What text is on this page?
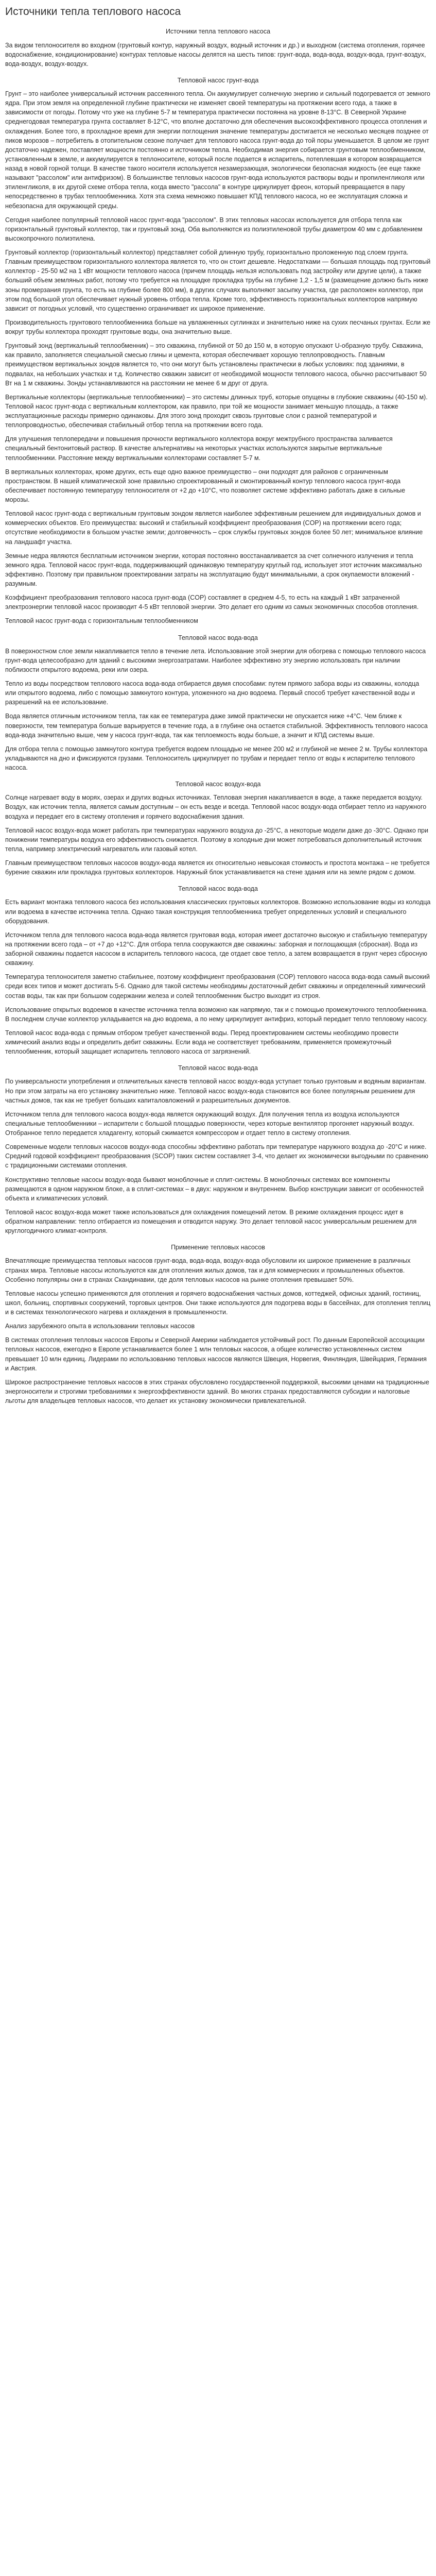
Источники тепла теплового насоса
Источники тепла теплового насоса

За видом теплоносителя во входном (грунтовый контур, наружный воздух, водный источник и др.) и выходном (система отопления, горячее водоснабжение, кондиционирование) контурах тепловые насосы делятся на шесть типов: грунт-вода, вода-вода, воздух-вода, грунт-воздух, вода-воздух, воздух-воздух.

Тепловой насос грунт-вода

Грунт – это наиболее универсальный источник рассеянного тепла. Он аккумулирует солнечную энергию и сильный подогревается от земного ядра. При этом земля на определенной глубине практически не изменяет своей температуры на протяжении всего года, а также в зависимости от погоды. Потому что уже на глубине 5-7 м температура практически постоянна на уровне 8-13°С. В Северной Украине среднегодовая температура грунта составляет 8-12°С, что вполне достаточно для обеспечения высокоэффективного процесса отопления и охлаждения. Более того, в прохладное время для энергии поглощения значение температуры достигается не несколько месяцев позднее от пиков морозов – потребитель в отопительном сезоне получает для теплового насоса грунт-вода до той поры уменьшается. В целом же грунт достаточно надежен, поставляет мощности постоянно и источником тепла. Необходимая энергия собирается грунтовым теплообменником, установленным в земле, и аккумулируется в теплоносителе, который после подается в испаритель, потеплевшая в котором возвращается назад в новой горной толщи. В качестве такого носителя используется незамерзающая, экологически безопасная жидкость (ее еще также называют "рассолом" или антифризом). В большинстве тепловых насосов грунт-вода используются растворы воды и пропиленгликоля или этиленгликоля, в их другой схеме отбора тепла, когда вместо "рассола" в контуре циркулирует фреон, который превращается в пару непосредственно в трубах теплообменника. Хотя эта схема немножко повышает КПД теплового насоса, но ее эксплуатация сложна и небезопасна для окружающей среды.

Сегодня наиболее популярный тепловой насос грунт-вода "рассолом". В этих тепловых насосах используется для отбора тепла как горизонтальный грунтовый коллектор, так и грунтовый зонд. Оба выполняются из полиэтиленовой трубы диаметром 40 мм с добавлением высокопрочного полиэтилена.

Грунтовый коллектор (горизонтальный коллектор) представляет собой длинную трубу, горизонтально проложенную под слоем грунта. Главным преимуществом горизонтального коллектора является то, что он стоит дешевле. Недостатками — большая площадь под грунтовый коллектор - 25-50 м2 на 1 кВт мощности теплового насоса (причем площадь нельзя использовать под застройку или другие цели), а также больший объем земляных работ, потому что требуется на площадке прокладка трубы на глубине 1,2 - 1,5 м (размещение должно быть ниже зоны промерзания грунта, то есть на глубине более 800 мм), в других случаях выполняют засыпку участка, где расположен коллектор, при этом под большой угол обеспечивает нужный уровень отбора тепла. Кроме того, эффективность горизонтальных коллекторов напрямую зависит от погодных условий, что существенно ограничивает их широкое применение.

Производительность грунтового теплообменника больше на увлажненных суглинках и значительно ниже на сухих песчаных грунтах. Если же вокруг трубы коллектора проходят грунтовые воды, она значительно выше.

Грунтовый зонд (вертикальный теплообменник) – это скважина, глубиной от 50 до 150 м, в которую опускают U-образную трубу. Скважина, как правило, заполняется специальной смесью глины и цемента, которая обеспечивает хорошую теплопроводность. Главным преимуществом вертикальных зондов является то, что они могут быть установлены практически в любых условиях: под зданиями, в подвалах, на небольших участках и т.д. Количество скважин зависит от необходимой мощности теплового насоса, обычно рассчитывают 50 Вт на 1 м скважины. Зонды устанавливаются на расстоянии не менее 6 м друг от друга.

Вертикальные коллекторы (вертикальные теплообменники) – это системы длинных труб, которые опущены в глубокие скважины (40-150 м). Тепловой насос грунт-вода с вертикальным коллектором, как правило, при той же мощности занимает меньшую площадь, а также эксплуатационные расходы примерно одинаковы. Для этого зонд проходит сквозь грунтовые слои с разной температурой и теплопроводностью, обеспечивая стабильный отбор тепла на протяжении всего года.

Для улучшения теплопередачи и повышения прочности вертикального коллектора вокруг межтрубного пространства заливается специальный бентонитовый раствор. В качестве альтернативы на некоторых участках используются закрытые вертикальные теплообменники. Расстояние между вертикальными коллекторами составляет 5-7 м.

В вертикальных коллекторах, кроме других, есть еще одно важное преимущество – они подходят для районов с ограниченным пространством. В нашей климатической зоне правильно спроектированный и смонтированный контур теплового насоса грунт-вода обеспечивает постоянную температуру теплоносителя от +2 до +10°С, что позволяет системе эффективно работать даже в сильные морозы.

Тепловой насос грунт-вода с вертикальным грунтовым зондом является наиболее эффективным решением для индивидуальных домов и коммерческих объектов. Его преимущества: высокий и стабильный коэффициент преобразования (COP) на протяжении всего года; отсутствие необходимости в большом участке земли; долговечность – срок службы грунтовых зондов более 50 лет; минимальное влияние на ландшафт участка.

Земные недра являются бесплатным источником энергии, которая постоянно восстанавливается за счет солнечного излучения и тепла земного ядра. Тепловой насос грунт-вода, поддерживающий одинаковую температуру круглый год, использует этот источник максимально эффективно. Поэтому при правильном проектировании затраты на эксплуатацию будут минимальными, а срок окупаемости вложений - разумным.

Коэффициент преобразования теплового насоса грунт-вода (COP) составляет в среднем 4-5, то есть на каждый 1 кВт затраченной электроэнергии тепловой насос производит 4-5 кВт тепловой энергии. Это делает его одним из самых экономичных способов отопления.

Тепловой насос грунт-вода с горизонтальным теплообменником

Тепловой насос вода-вода

В поверхностном слое земли накапливается тепло в течение лета. Использование этой энергии для обогрева с помощью теплового насоса грунт-вода целесообразно для зданий с высокими энергозатратами. Наиболее эффективно эту энергию использовать при наличии поблизости открытого водоема, реки или озера.

Тепло из воды посредством теплового насоса вода-вода отбирается двумя способами: путем прямого забора воды из скважины, колодца или открытого водоема, либо с помощью замкнутого контура, уложенного на дно водоема. Первый способ требует качественной воды и разрешений на ее использование.

Вода является отличным источником тепла, так как ее температура даже зимой практически не опускается ниже +4°С. Чем ближе к поверхности, тем температура больше варьируется в течение года, а в глубине она остается стабильной. Эффективность теплового насоса вода-вода значительно выше, чем у насоса грунт-вода, так как теплоемкость воды больше, а значит и КПД системы выше.

Для отбора тепла с помощью замкнутого контура требуется водоем площадью не менее 200 м2 и глубиной не менее 2 м. Трубы коллектора укладываются на дно и фиксируются грузами. Теплоноситель циркулирует по трубам и передает тепло от воды к испарителю теплового насоса.

Тепловой насос воздух-вода

Солнце нагревает воду в морях, озерах и других водных источниках. Тепловая энергия накапливается в воде, а также передается воздуху. Воздух, как источник тепла, является самым доступным – он есть везде и всегда. Тепловой насос воздух-вода отбирает тепло из наружного воздуха и передает его в систему отопления и горячего водоснабжения здания.

Тепловой насос воздух-вода может работать при температурах наружного воздуха до -25°С, а некоторые модели даже до -30°С. Однако при понижении температуры воздуха его эффективность снижается. Поэтому в холодные дни может потребоваться дополнительный источник тепла, например электрический нагреватель или газовый котел.

Главным преимуществом тепловых насосов воздух-вода является их относительно невысокая стоимость и простота монтажа – не требуется бурение скважин или прокладка грунтовых коллекторов. Наружный блок устанавливается на стене здания или на земле рядом с домом.

Тепловой насос вода-вода

Есть вариант монтажа теплового насоса без использования классических грунтовых коллекторов. Возможно использование воды из колодца или водоема в качестве источника тепла. Однако такая конструкция теплообменника требует определенных условий и специального оборудования.

Источником тепла для теплового насоса вода-вода является грунтовая вода, которая имеет достаточно высокую и стабильную температуру на протяжении всего года – от +7 до +12°С. Для отбора тепла сооружаются две скважины: заборная и поглощающая (сбросная). Вода из заборной скважины подается насосом в испаритель теплового насоса, где отдает свое тепло, а затем возвращается в грунт через сбросную скважину.

Температура теплоносителя заметно стабильнее, поэтому коэффициент преобразования (COP) теплового насоса вода-вода самый высокий среди всех типов и может достигать 5-6. Однако для такой системы необходимы достаточный дебит скважины и определенный химический состав воды, так как при большом содержании железа и солей теплообменник быстро выходит из строя.

Использование открытых водоемов в качестве источника тепла возможно как напрямую, так и с помощью промежуточного теплообменника. В последнем случае коллектор укладывается на дно водоема, а по нему циркулирует антифриз, который передает тепло тепловому насосу.

Тепловой насос вода-вода с прямым отбором требует качественной воды. Перед проектированием системы необходимо провести химический анализ воды и определить дебит скважины. Если вода не соответствует требованиям, применяется промежуточный теплообменник, который защищает испаритель теплового насоса от загрязнений.

Тепловой насос вода-вода

По универсальности употребления и отличительных качеств тепловой насос воздух-вода уступает только грунтовым и водяным вариантам. Но при этом затраты на его установку значительно ниже. Тепловой насос воздух-вода становится все более популярным решением для частных домов, так как не требует больших капиталовложений и разрешительных документов.

Источником тепла для теплового насоса воздух-вода является окружающий воздух. Для получения тепла из воздуха используются специальные теплообменники – испарители с большой площадью поверхности, через которые вентилятор прогоняет наружный воздух. Отобранное тепло передается хладагенту, который сжимается компрессором и отдает тепло в систему отопления.

Современные модели тепловых насосов воздух-вода способны эффективно работать при температуре наружного воздуха до -20°С и ниже. Средний годовой коэффициент преобразования (SCOP) таких систем составляет 3-4, что делает их экономически выгодными по сравнению с традиционными системами отопления.

Конструктивно тепловые насосы воздух-вода бывают моноблочные и сплит-системы. В моноблочных системах все компоненты размещаются в одном наружном блоке, а в сплит-системах – в двух: наружном и внутреннем. Выбор конструкции зависит от особенностей объекта и климатических условий.

Тепловой насос воздух-вода может также использоваться для охлаждения помещений летом. В режиме охлаждения процесс идет в обратном направлении: тепло отбирается из помещения и отводится наружу. Это делает тепловой насос универсальным решением для круглогодичного климат-контроля.

Применение тепловых насосов

Впечатляющие преимущества тепловых насосов грунт-вода, вода-вода, воздух-вода обусловили их широкое применение в различных странах мира. Тепловые насосы используются как для отопления жилых домов, так и для коммерческих и промышленных объектов. Особенно популярны они в странах Скандинавии, где доля тепловых насосов на рынке отопления превышает 50%.

Тепловые насосы успешно применяются для отопления и горячего водоснабжения частных домов, коттеджей, офисных зданий, гостиниц, школ, больниц, спортивных сооружений, торговых центров. Они также используются для подогрева воды в бассейнах, для отопления теплиц и в системах технологического нагрева и охлаждения в промышленности.

Анализ зарубежного опыта в использовании тепловых насосов

В системах отопления тепловых насосов Европы и Северной Америки наблюдается устойчивый рост. По данным Европейской ассоциации тепловых насосов, ежегодно в Европе устанавливается более 1 млн тепловых насосов, а общее количество установленных систем превышает 10 млн единиц. Лидерами по использованию тепловых насосов являются Швеция, Норвегия, Финляндия, Швейцария, Германия и Австрия.

Широкое распространение тепловых насосов в этих странах обусловлено государственной поддержкой, высокими ценами на традиционные энергоносители и строгими требованиями к энергоэффективности зданий. Во многих странах предоставляются субсидии и налоговые льготы для владельцев тепловых насосов, что делает их установку экономически привлекательной.
